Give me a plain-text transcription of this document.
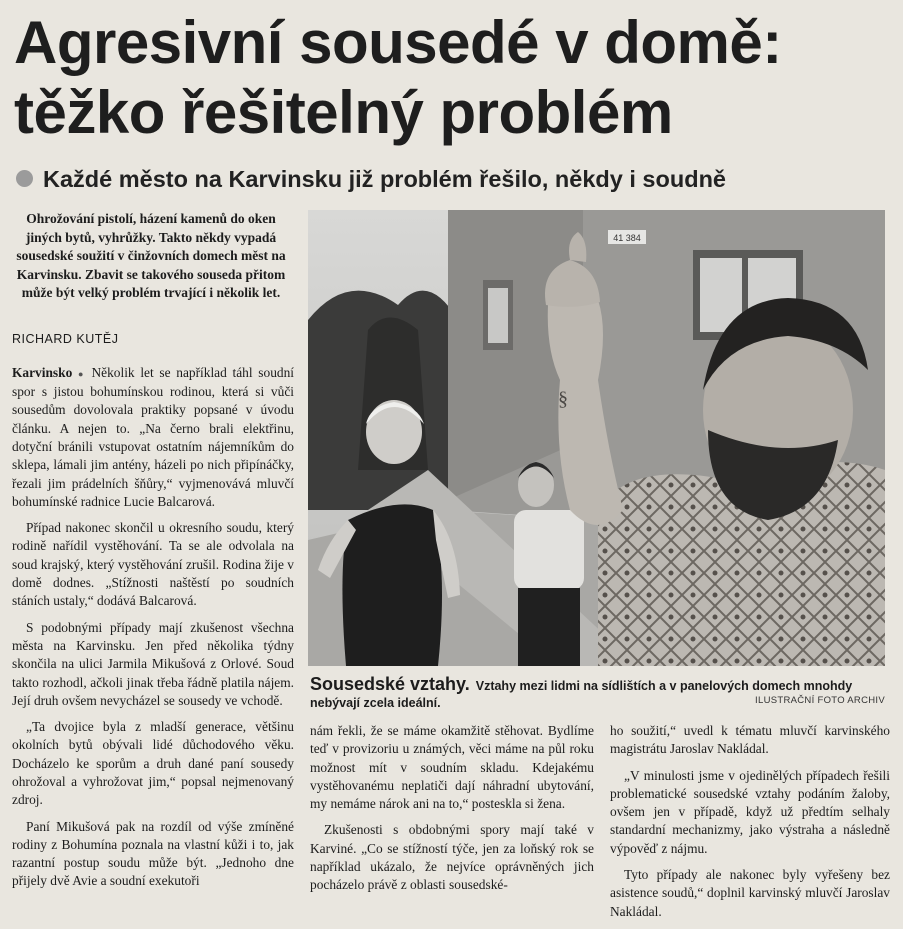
Agresivní sousedé v domě:
těžko řešitelný problém
Každé město na Karvinsku již problém řešilo, někdy i soudně
Ohrožování pistolí, házení kamenů do oken jiných bytů, vyhrůžky. Takto někdy vypadá sousedské soužití v činžovních domech měst na Karvinsku. Zbavit se takového souseda přitom může být velký problém trvající i několik let.
RICHARD KUTĚJ

Karvinsko ● Několik let se například táhl soudní spor s jistou bohumínskou rodinou, která si vůči sousedům dovolovala praktiky popsané v úvodu článku. A nejen to. „Na černo brali elektřinu, dotyční bránili vstupovat ostatním nájemníkům do sklepa, lámali jim antény, házeli po nich připínáčky, řezali jim prádelních šňůry,“ vyjmenovává mluvčí bohumínské radnice Lucie Balcarová.

Případ nakonec skončil u okresního soudu, který rodině nařídil vystěhování. Ta se ale odvolala na soud krajský, který vystěhování zrušil. Rodina žije v domě dodnes. „Stížnosti naštěstí po soudních stáních ustaly,“ dodává Balcarová.

S podobnými případy mají zkušenost všechna města na Karvinsku. Jen před několika týdny skončila na ulici Jarmila Mikušová z Orlové. Soud takto rozhodl, ačkoli jinak třeba řádně platila nájem. Její druh ovšem nevycházel se sousedy ve vchodě.

„Ta dvojice byla z mladší generace, většinu okolních bytů obývali lidé důchodového věku. Docházelo ke sporům a druh dané paní sousedy ohrožoval a vyhrožovat jim,“ popsal nejmenovaný zdroj.

Paní Mikušová pak na rozdíl od výše zmíněné rodiny z Bohumína poznala na vlastní kůži i to, jak razantní postup soudu může být. „Jednoho dne přijely dvě Avie a soudní exekutoři

41 384
§
Sousedské vztahy. Vztahy mezi lidmi na sídlištích a v panelových domech mnohdy nebývají zcela ideální.	ILUSTRAČNÍ FOTO ARCHIV

nám řekli, že se máme okamžitě stěhovat. Bydlíme teď v provizoriu u známých, věci máme na půl roku možnost mít v soudním skladu. Kdejakému vystěhovanému neplatiči dají náhradní ubytování, my nemáme nárok ani na to,“ posteskla si žena.

Zkušenosti s obdobnými spory mají také v Karviné. „Co se stížností týče, jen za loňský rok se například ukázalo, že nejvíce oprávněných jich pocházelo právě z oblasti sousedské-

ho soužití,“ uvedl k tématu mluvčí karvinského magistrátu Jaroslav Nakládal.

„V minulosti jsme v ojedinělých případech řešili problematické sousedské vztahy podáním žaloby, ovšem jen v případě, když už předtím selhaly standardní mechanizmy, jako výstraha a následně výpověď z nájmu.

Tyto případy ale nakonec byly vyřešeny bez asistence soudů,“ doplnil karvinský mluvčí Jaroslav Nakládal.
